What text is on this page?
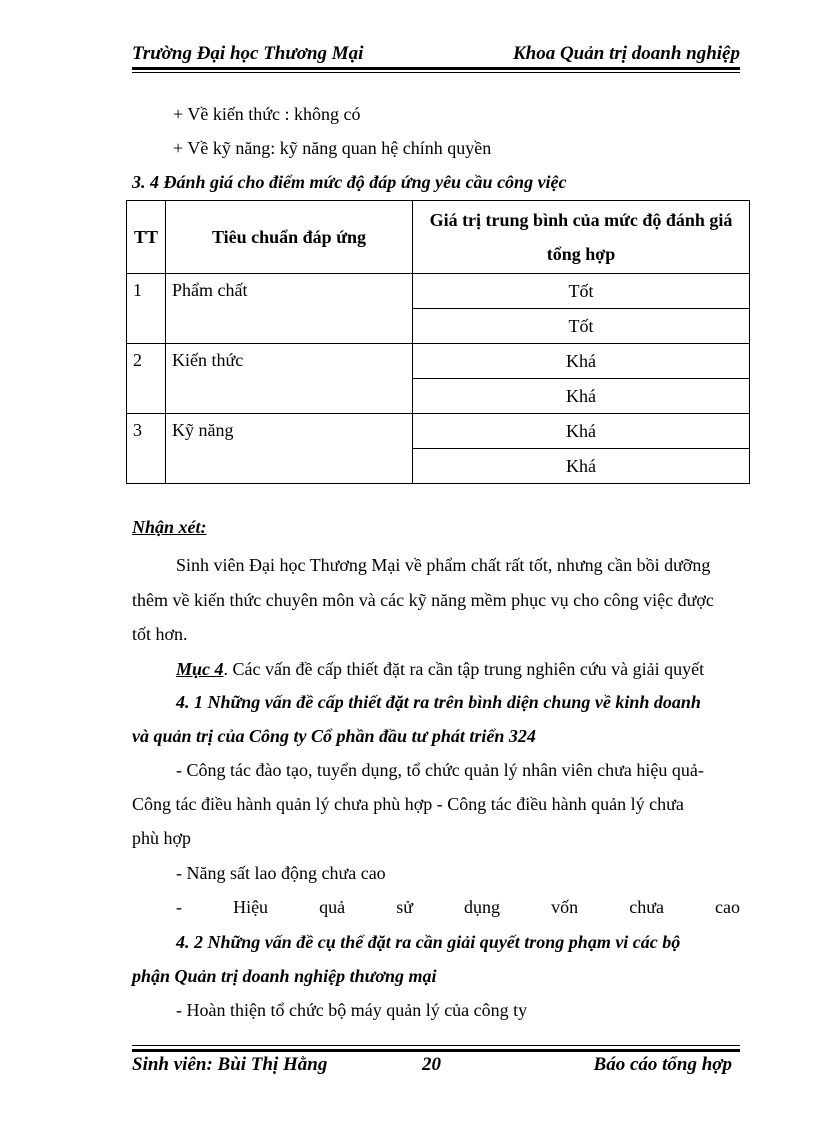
Trường Đại học Thương Mại	Khoa Quản trị doanh nghiệp
+ Về kiến thức : không có
+ Về kỹ năng: kỹ năng quan hệ chính quyền
3. 4 Đánh giá cho điểm mức độ đáp ứng yêu cầu công việc
TT	Tiêu chuẩn đáp ứng	Giá trị trung bình của mức độ đánh giá
tổng hợp
1	Phẩm chất	Tốt
		Tốt
2	Kiến thức	Khá
		Khá
3	Kỹ năng	Khá
		Khá
Nhận xét:
Sinh viên Đại học Thương Mại về phẩm chất rất tốt, nhưng cần bồi dưỡng
thêm về kiến thức chuyên môn và các kỹ năng mềm phục vụ cho công việc được
tốt hơn.
Mục 4. Các vấn đề cấp thiết đặt ra cần tập trung nghiên cứu và giải quyết
4. 1 Những vấn đề cấp thiết đặt ra trên bình diện chung về kinh doanh
và quản trị của Công ty Cổ phần đầu tư phát triển 324
- Công tác đào tạo, tuyển dụng, tổ chức quản lý nhân viên chưa hiệu quả-
Công tác điều hành quản lý chưa phù hợp - Công tác điều hành quản lý chưa
phù hợp
- Năng sất lao động chưa cao
- Hiệu quả sử dụng vốn chưa cao
4. 2 Những vấn đề cụ thể đặt ra cần giải quyết trong phạm vi các bộ
phận Quản trị doanh nghiệp thương mại
- Hoàn thiện tổ chức bộ máy quản lý của công ty
Sinh viên: Bùi Thị Hằng	20	Báo cáo tổng hợp
